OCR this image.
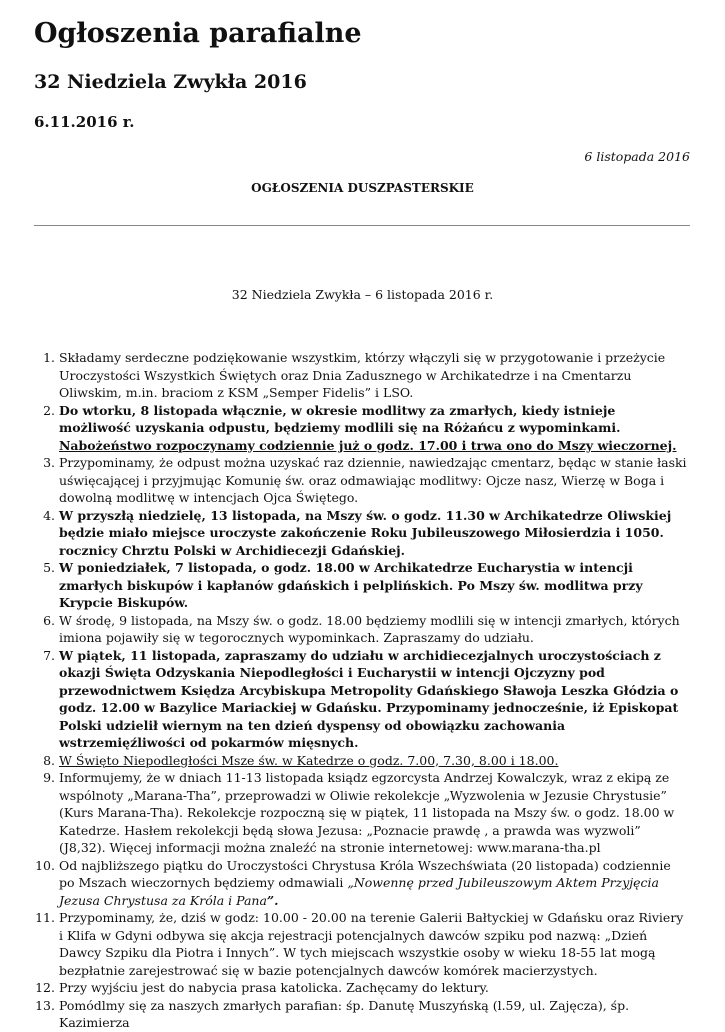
Ogłoszenia parafialne
32 Niedziela Zwykła 2016
6.11.2016 r.

6 listopada 2016

OGŁOSZENIA DUSZPASTERSKIE

32 Niedziela Zwykła – 6 listopada 2016 r.

1. Składamy serdeczne podziękowanie wszystkim, którzy włączyli się w przygotowanie i przeżycie Uroczystości Wszystkich Świętych oraz Dnia Zadusznego w Archikatedrze i na Cmentarzu Oliwskim, m.in. braciom z KSM „Semper Fidelis” i LSO.
2. Do wtorku, 8 listopada włącznie, w okresie modlitwy za zmarłych, kiedy istnieje możliwość uzyskania odpustu, będziemy modlili się na Różańcu z wypominkami. Nabożeństwo rozpoczynamy codziennie już o godz. 17.00 i trwa ono do Mszy wieczornej.
3. Przypominamy, że odpust można uzyskać raz dziennie, nawiedzając cmentarz, będąc w stanie łaski uświęcającej i przyjmując Komunię św. oraz odmawiając modlitwy: Ojcze nasz, Wierzę w Boga i dowolną modlitwę w intencjach Ojca Świętego.
4. W przyszłą niedzielę, 13 listopada, na Mszy św. o godz. 11.30 w Archikatedrze Oliwskiej będzie miało miejsce uroczyste zakończenie Roku Jubileuszowego Miłosierdzia i 1050. rocznicy Chrztu Polski w Archidiecezji Gdańskiej.
5. W poniedziałek, 7 listopada, o godz. 18.00 w Archikatedrze Eucharystia w intencji zmarłych biskupów i kapłanów gdańskich i pelplińskich. Po Mszy św. modlitwa przy Krypcie Biskupów.
6. W środę, 9 listopada, na Mszy św. o godz. 18.00 będziemy modlili się w intencji zmarłych, których imiona pojawiły się w tegorocznych wypominkach. Zapraszamy do udziału.
7. W piątek, 11 listopada, zapraszamy do udziału w archidiecezjalnych uroczystościach z okazji Święta Odzyskania Niepodległości i Eucharystii w intencji Ojczyzny pod przewodnictwem Księdza Arcybiskupa Metropolity Gdańskiego Sławoja Leszka Głódzia o godz. 12.00 w Bazylice Mariackiej w Gdańsku. Przypominamy jednocześnie, iż Episkopat Polski udzielił wiernym na ten dzień dyspensy od obowiązku zachowania wstrzemięźliwości od pokarmów mięsnych.
8. W Święto Niepodległości Msze św. w Katedrze o godz. 7.00, 7.30, 8.00 i 18.00.
9. Informujemy, że w dniach 11-13 listopada ksiądz egzorcysta Andrzej Kowalczyk, wraz z ekipą ze wspólnoty „Marana-Tha”, przeprowadzi w Oliwie rekolekcje „Wyzwolenia w Jezusie Chrystusie” (Kurs Marana-Tha). Rekolekcje rozpoczną się w piątek, 11 listopada na Mszy św. o godz. 18.00 w Katedrze. Hasłem rekolekcji będą słowa Jezusa: „Poznacie prawdę , a prawda was wyzwoli” (J8,32). Więcej informacji można znaleźć na stronie internetowej: www.marana-tha.pl
10. Od najbliższego piątku do Uroczystości Chrystusa Króla Wszechświata (20 listopada) codziennie po Mszach wieczornych będziemy odmawiali „Nowennę przed Jubileuszowym Aktem Przyjęcia Jezusa Chrystusa za Króla i Pana”.
11. Przypominamy, że, dziś w godz: 10.00 - 20.00 na terenie Galerii Bałtyckiej w Gdańsku oraz Riviery i Klifa w Gdyni odbywa się akcja rejestracji potencjalnych dawców szpiku pod nazwą: „Dzień Dawcy Szpiku dla Piotra i Innych”. W tych miejscach wszystkie osoby w wieku 18-55 lat mogą bezpłatnie zarejestrować się w bazie potencjalnych dawców komórek macierzystych.
12. Przy wyjściu jest do nabycia prasa katolicka. Zachęcamy do lektury.
13. Pomódlmy się za naszych zmarłych parafian: śp. Danutę Muszyńską (l.59, ul. Zajęcza), śp. Kazimierza
